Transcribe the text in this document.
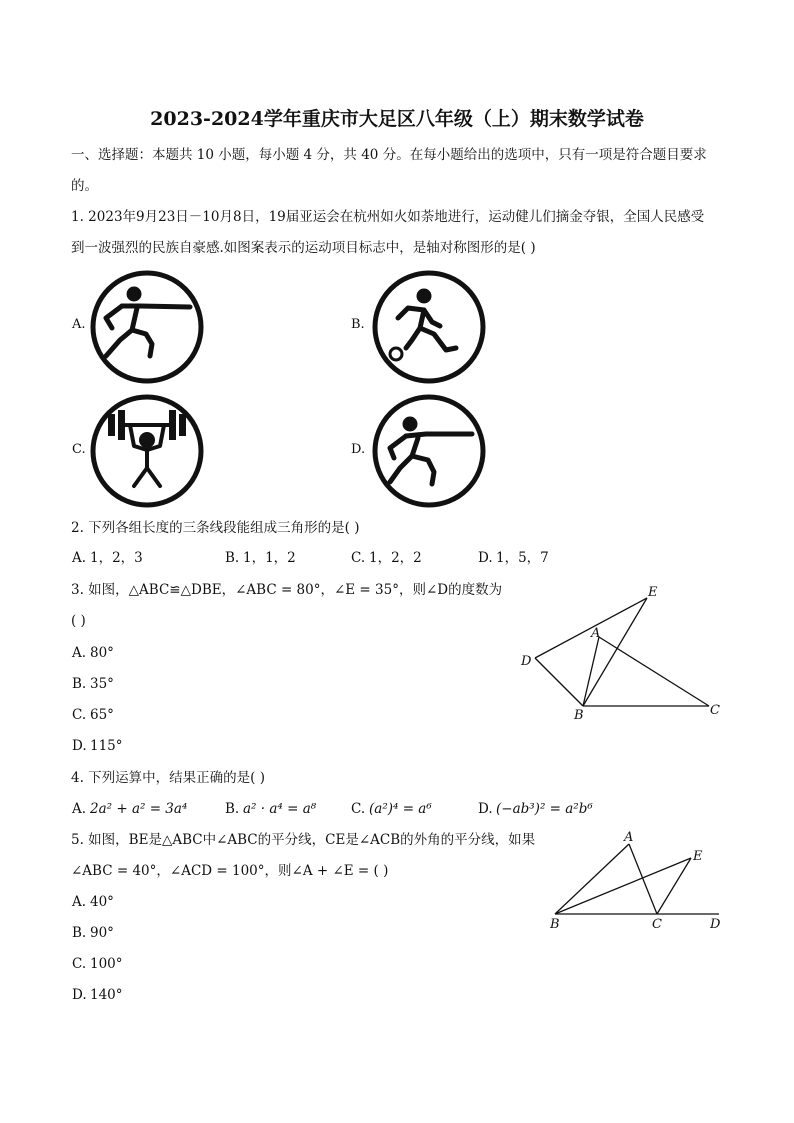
2023-2024学年重庆市大足区八年级（上）期末数学试卷
一、选择题：本题共 10 小题，每小题 4 分，共 40 分。在每小题给出的选项中，只有一项是符合题目要求
的。
1. 2023年9月23日－10月8日，19届亚运会在杭州如火如荼地进行，运动健儿们摘金夺银，全国人民感受
到一波强烈的民族自豪感.如图案表示的运动项目标志中，是轴对称图形的是( )
A.	B.
C.	D.
2. 下列各组长度的三条线段能组成三角形的是( )
A. 1，2，3	B. 1，1，2	C. 1，2，2	D. 1，5，7
3. 如图，△ABC≌△DBE，∠ABC = 80°，∠E = 35°，则∠D的度数为
( )
A. 80°
B. 35°
C. 65°
D. 115°
E
A
D
B	C
4. 下列运算中，结果正确的是( )
A. 2a² + a² = 3a⁴	B. a² · a⁴ = a⁸	C. (a²)⁴ = a⁶	D. (−ab³)² = a²b⁶
5. 如图，BE是△ABC中∠ABC的平分线，CE是∠ACB的外角的平分线，如果
∠ABC = 40°，∠ACD = 100°，则∠A + ∠E = ( )
A. 40°
B. 90°
C. 100°
D. 140°
A
E
B	C	D
